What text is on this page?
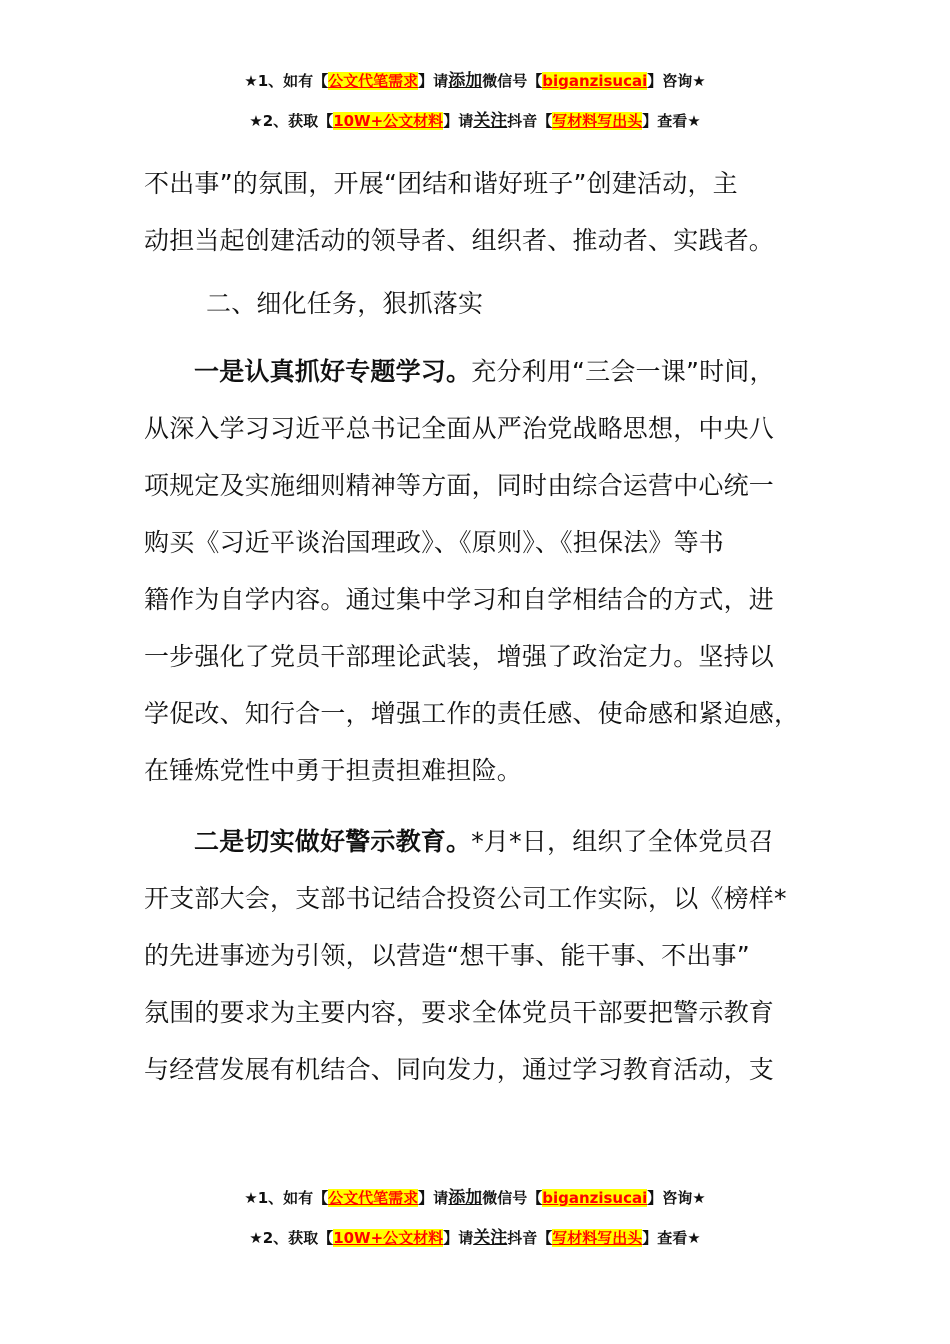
★1、如有【公文代笔需求】请添加微信号【biganzisucai】咨询★
★2、获取【10W+公文材料】请关注抖音【写材料写出头】查看★
不出事”的氛围，开展“团结和谐好班子”创建活动，主
动担当起创建活动的领导者、组织者、推动者、实践者。
二、细化任务，狠抓落实
一是认真抓好专题学习。充分利用“三会一课”时间，
从深入学习习近平总书记全面从严治党战略思想，中央八
项规定及实施细则精神等方面，同时由综合运营中心统一
购买《习近平谈治国理政》、《原则》、《担保法》等书
籍作为自学内容。通过集中学习和自学相结合的方式，进
一步强化了党员干部理论武装，增强了政治定力。坚持以
学促改、知行合一，增强工作的责任感、使命感和紧迫感，
在锤炼党性中勇于担责担难担险。
二是切实做好警示教育。*月*日，组织了全体党员召
开支部大会，支部书记结合投资公司工作实际，以《榜样*
的先进事迹为引领，以营造“想干事、能干事、不出事”
氛围的要求为主要内容，要求全体党员干部要把警示教育
与经营发展有机结合、同向发力，通过学习教育活动，支
★1、如有【公文代笔需求】请添加微信号【biganzisucai】咨询★
★2、获取【10W+公文材料】请关注抖音【写材料写出头】查看★
